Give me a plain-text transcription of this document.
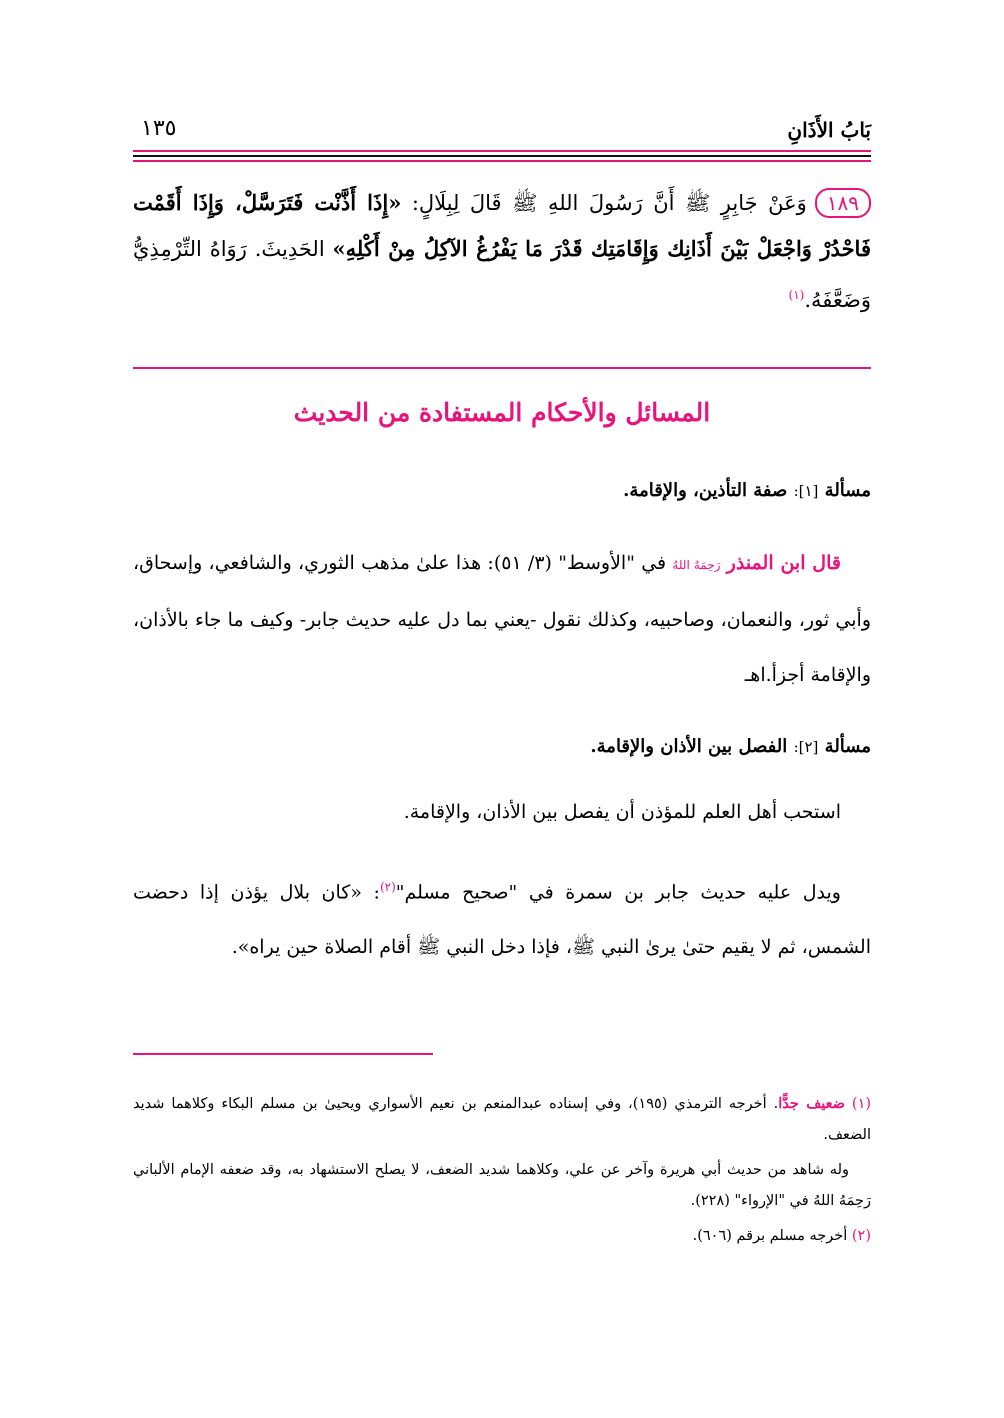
بَابُ الأَذَانِ
١٣٥
١٨٩وَعَنْ جَابِرٍ ﷺ أَنَّ رَسُولَ اللهِ ﷺ قَالَ لِبِلَالٍ: «إِذَا أَذَّنْت فَتَرَسَّلْ، وَإِذَا أَقَمْت فَاحْدُرْ وَاجْعَلْ بَيْنَ أَذَانِك وَإِقَامَتِك قَدْرَ مَا يَفْرُغُ الآكِلُ مِنْ أَكْلِهِ» الحَدِيثَ. رَوَاهُ التِّرْمِذِيُّ وَضَعَّفَهُ.$^{(١)}$
المسائل والأحكام المستفادة من الحديث
مسألة [١]: صفة التأذين، والإقامة.
قال ابن المنذر رَحِمَهُ اللهُ في "الأوسط" (٣/ ٥١): هذا علىٰ مذهب الثوري، والشافعي، وإسحاق، وأبي ثور، والنعمان، وصاحبيه، وكذلك نقول -يعني بما دل عليه حديث جابر- وكيف ما جاء بالأذان، والإقامة أجزأ.اهـ
مسألة [٢]: الفصل بين الأذان والإقامة.
استحب أهل العلم للمؤذن أن يفصل بين الأذان، والإقامة.
ويدل عليه حديث جابر بن سمرة في "صحيح مسلم"$^{(٢)}$: «كان بلال يؤذن إذا دحضت الشمس، ثم لا يقيم حتىٰ يرىٰ النبي ﷺ، فإذا دخل النبي ﷺ أقام الصلاة حين يراه».

(١) ضعيف جدًّا. أخرجه الترمذي (١٩٥)، وفي إسناده عبدالمنعم بن نعيم الأسواري ويحيىٰ بن مسلم البكاء وكلاهما شديد الضعف.

وله شاهد من حديث أبي هريرة وآخر عن علي، وكلاهما شديد الضعف، لا يصلح الاستشهاد به، وقد ضعفه الإمام الألباني رَحِمَهُ اللهُ في "الإرواء" (٢٢٨).

(٢) أخرجه مسلم برقم (٦٠٦).
